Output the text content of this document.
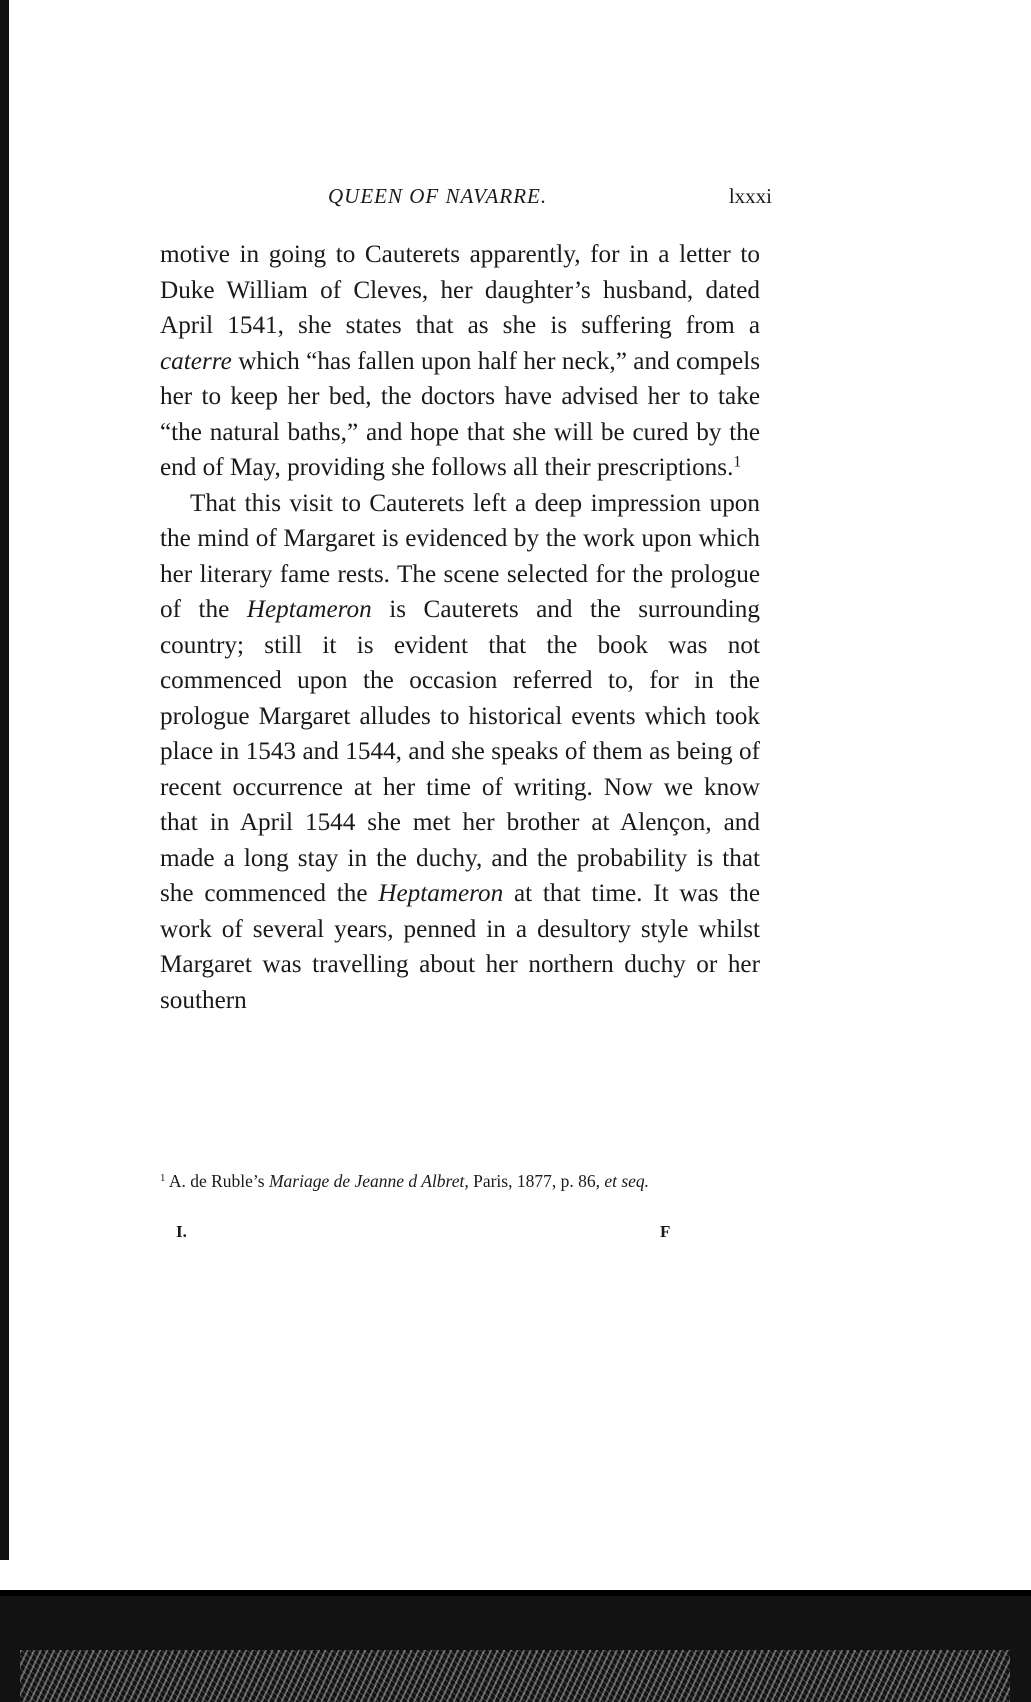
QUEEN OF NAVARRE.	lxxxi

motive in going to Cauterets apparently, for in a letter to Duke William of Cleves, her daughter’s husband, dated April 1541, she states that as she is suffering from a caterre which “has fallen upon half her neck,” and compels her to keep her bed, the doctors have advised her to take “the natural baths,” and hope that she will be cured by the end of May, providing she follows all their prescriptions.$^1$

That this visit to Cauterets left a deep impression upon the mind of Margaret is evidenced by the work upon which her literary fame rests. The scene selected for the prologue of the Heptameron is Cauterets and the surrounding country; still it is evident that the book was not commenced upon the occasion referred to, for in the prologue Margaret alludes to historical events which took place in 1543 and 1544, and she speaks of them as being of recent occurrence at her time of writing. Now we know that in April 1544 she met her brother at Alençon, and made a long stay in the duchy, and the probability is that she commenced the Heptameron at that time. It was the work of several years, penned in a desultory style whilst Margaret was travelling about her northern duchy or her southern

$^1$ A. de Ruble’s Mariage de Jeanne d Albret, Paris, 1877, p. 86, et seq.
I.	F
